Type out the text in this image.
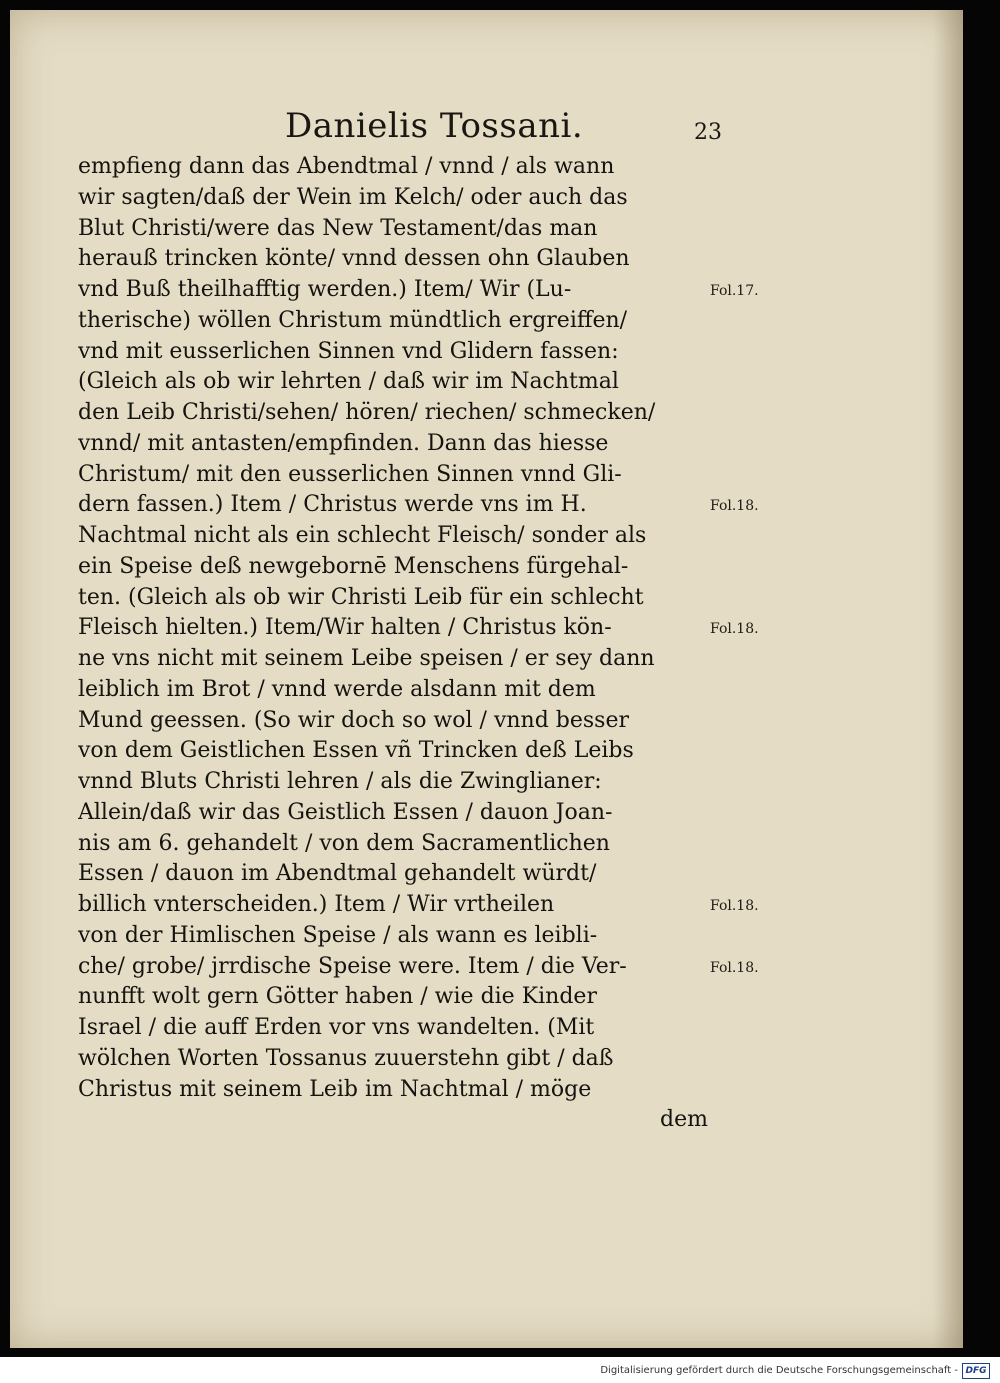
Danielis Tossani.	23
empfieng dann das Abendtmal / vnnd / als wann
wir sagten/daß der Wein im Kelch/ oder auch das
Blut Christi/were das New Testament/das man
herauß trincken könte/ vnnd dessen ohn Glauben
vnd Buß theilhafftig werden.) Item/ Wir (Lu-
therische) wöllen Christum mündtlich ergreiffen/
vnd mit eusserlichen Sinnen vnd Glidern fassen:
(Gleich als ob wir lehrten / daß wir im Nachtmal
den Leib Christi/sehen/ hören/ riechen/ schmecken/
vnnd/ mit antasten/empfinden. Dann das hiesse
Christum/ mit den eusserlichen Sinnen vnnd Gli-
dern fassen.) Item / Christus werde vns im H.
Nachtmal nicht als ein schlecht Fleisch/ sonder als
ein Speise deß newgebornē Menschens fürgehal-
ten. (Gleich als ob wir Christi Leib für ein schlecht
Fleisch hielten.) Item/Wir halten / Christus kön-
ne vns nicht mit seinem Leibe speisen / er sey dann
leiblich im Brot / vnnd werde alsdann mit dem
Mund geessen. (So wir doch so wol / vnnd besser
von dem Geistlichen Essen vñ Trincken deß Leibs
vnnd Bluts Christi lehren / als die Zwinglianer:
Allein/daß wir das Geistlich Essen / dauon Joan-
nis am 6. gehandelt / von dem Sacramentlichen
Essen / dauon im Abendtmal gehandelt würdt/
billich vnterscheiden.) Item / Wir vrtheilen
von der Himlischen Speise / als wann es leibli-
che/ grobe/ jrrdische Speise were. Item / die Ver-
nunfft wolt gern Götter haben / wie die Kinder
Israel / die auff Erden vor vns wandelten. (Mit
wölchen Worten Tossanus zuuerstehn gibt / daß
Christus mit seinem Leib im Nachtmal / möge
dem
Fol.17.
Fol.18.
Fol.18.
Fol.18.
Fol.18.
Digitalisierung gefördert durch die Deutsche Forschungsgemeinschaft - DFG
